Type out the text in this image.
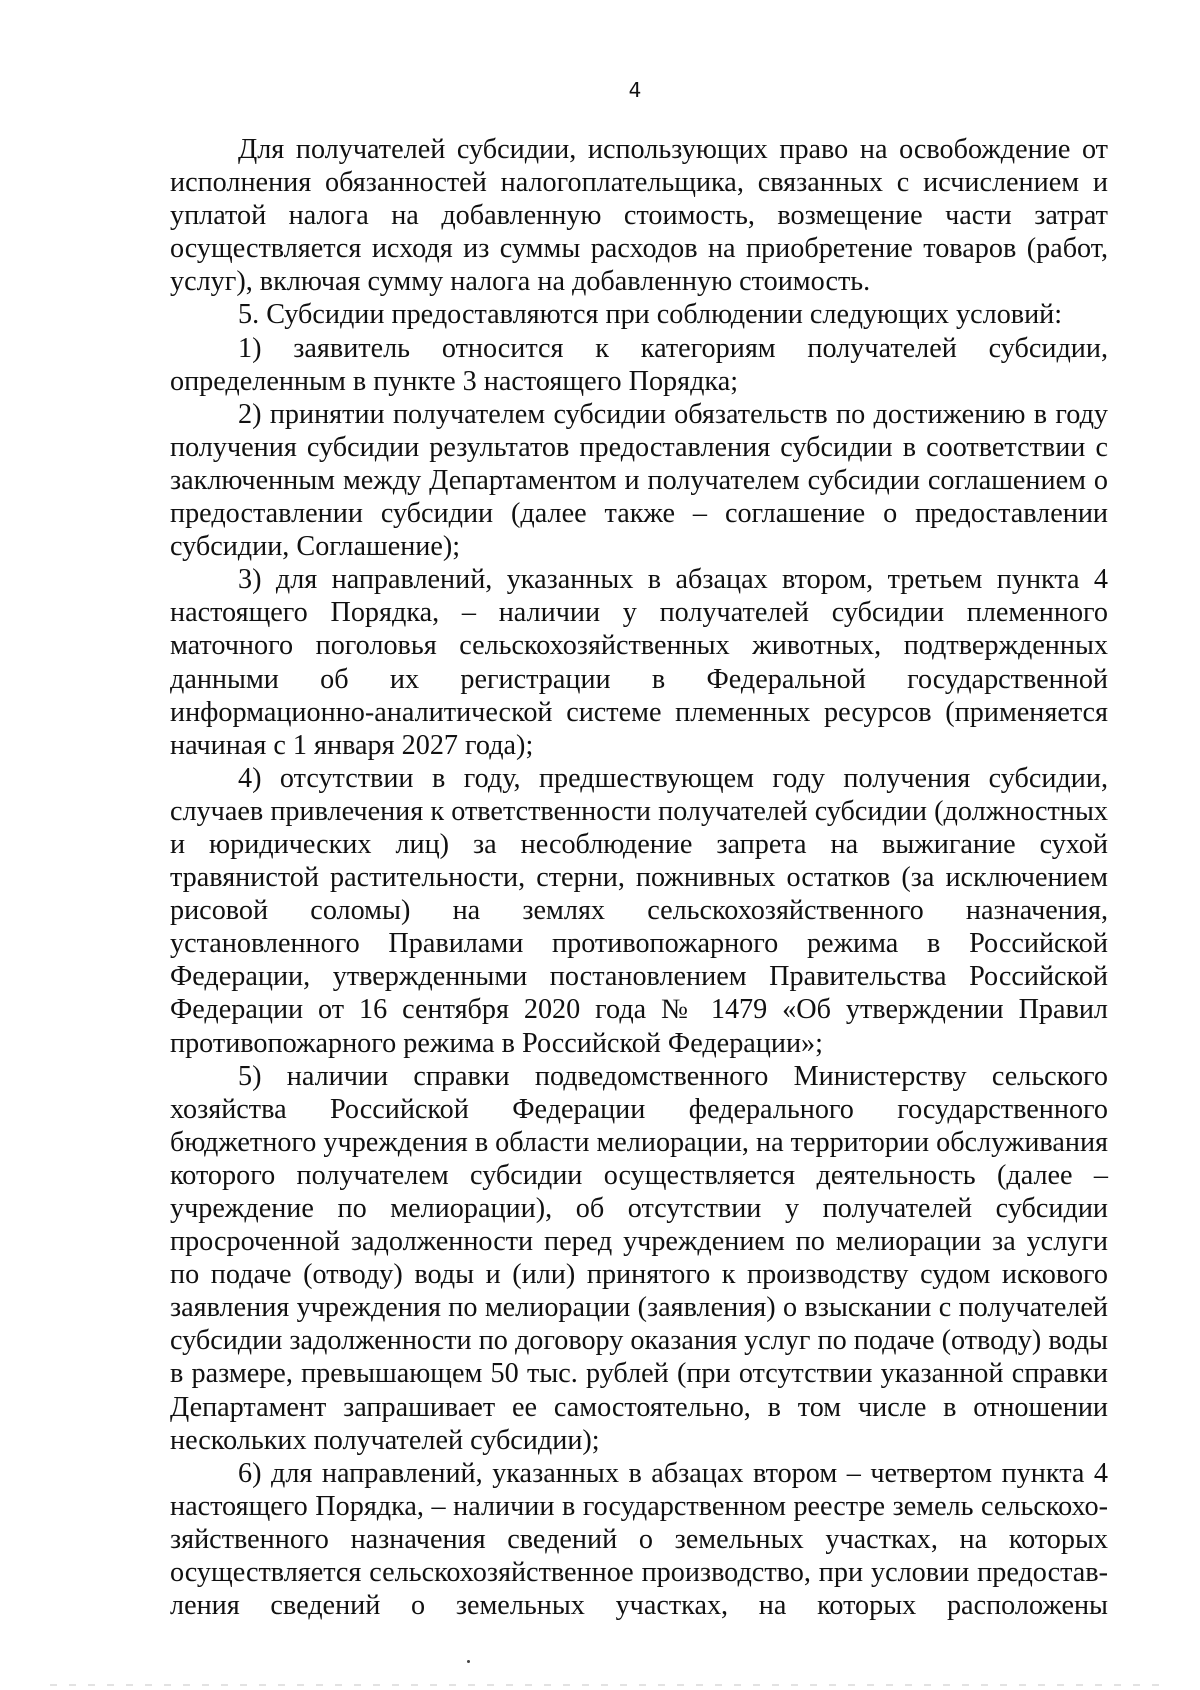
4

Для получателей субсидии, использующих право на освобождение от исполнения обязанностей налогоплательщика, связанных с исчислением и уплатой налога на добавленную стоимость, возмещение части затрат осуществляется исходя из суммы расходов на приобретение товаров (работ, услуг), включая сумму налога на добавленную стоимость.

5. Субсидии предоставляются при соблюдении следующих условий:

1) заявитель относится к категориям получателей субсидии, определенным в пункте 3 настоящего Порядка;

2) принятии получателем субсидии обязательств по достижению в году получения субсидии результатов предоставления субсидии в соответствии с заключенным между Департаментом и получателем субсидии соглашением о предоставлении субсидии (далее также – соглашение о предоставлении субсидии, Соглашение);

3) для направлений, указанных в абзацах втором, третьем пункта 4 настоящего Порядка, – наличии у получателей субсидии племенного маточного поголовья сельскохозяйственных животных, подтвержденных данными об их регистрации в Федеральной государственной информационно-аналитической системе племенных ресурсов (применяется начиная с 1 января 2027 года);

4) отсутствии в году, предшествующем году получения субсидии, случаев привлечения к ответственности получателей субсидии (должностных и юридических лиц) за несоблюдение запрета на выжигание сухой травянистой растительности, стерни, пожнивных остатков (за исключением рисовой соломы) на землях сельскохозяйственного назначения, установленного Правилами противопожарного режима в Российской Федерации, утвержденными постановлением Правительства Российской Федерации от 16 сентября 2020 года № 1479 «Об утверждении Правил противопожарного режима в Российской Федерации»;

5) наличии справки подведомственного Министерству сельского хозяйства Российской Федерации федерального государственного бюджетного учреждения в области мелиорации, на территории обслуживания которого получателем субсидии осуществляется деятельность (далее – учреждение по мелиорации), об отсутствии у получателей субсидии просроченной задолженности перед учреждением по мелиорации за услуги по подаче (отводу) воды и (или) принятого к производству судом искового заявления учреждения по мелиорации (заявления) о взыскании с получателей субсидии задолженности по договору оказания услуг по подаче (отводу) воды в размере, превышающем 50 тыс. рублей (при отсутствии указанной справки Департамент запрашивает ее самостоятельно, в том числе в отношении нескольких получателей субсидии);

6) для направлений, указанных в абзацах втором – четвертом пункта 4 настоящего Порядка, – наличии в государственном реестре земель сельскохозяйственного назначения сведений о земельных участках, на которых осуществляется сельскохозяйственное производство, при условии предоставления сведений о земельных участках, на которых расположены
